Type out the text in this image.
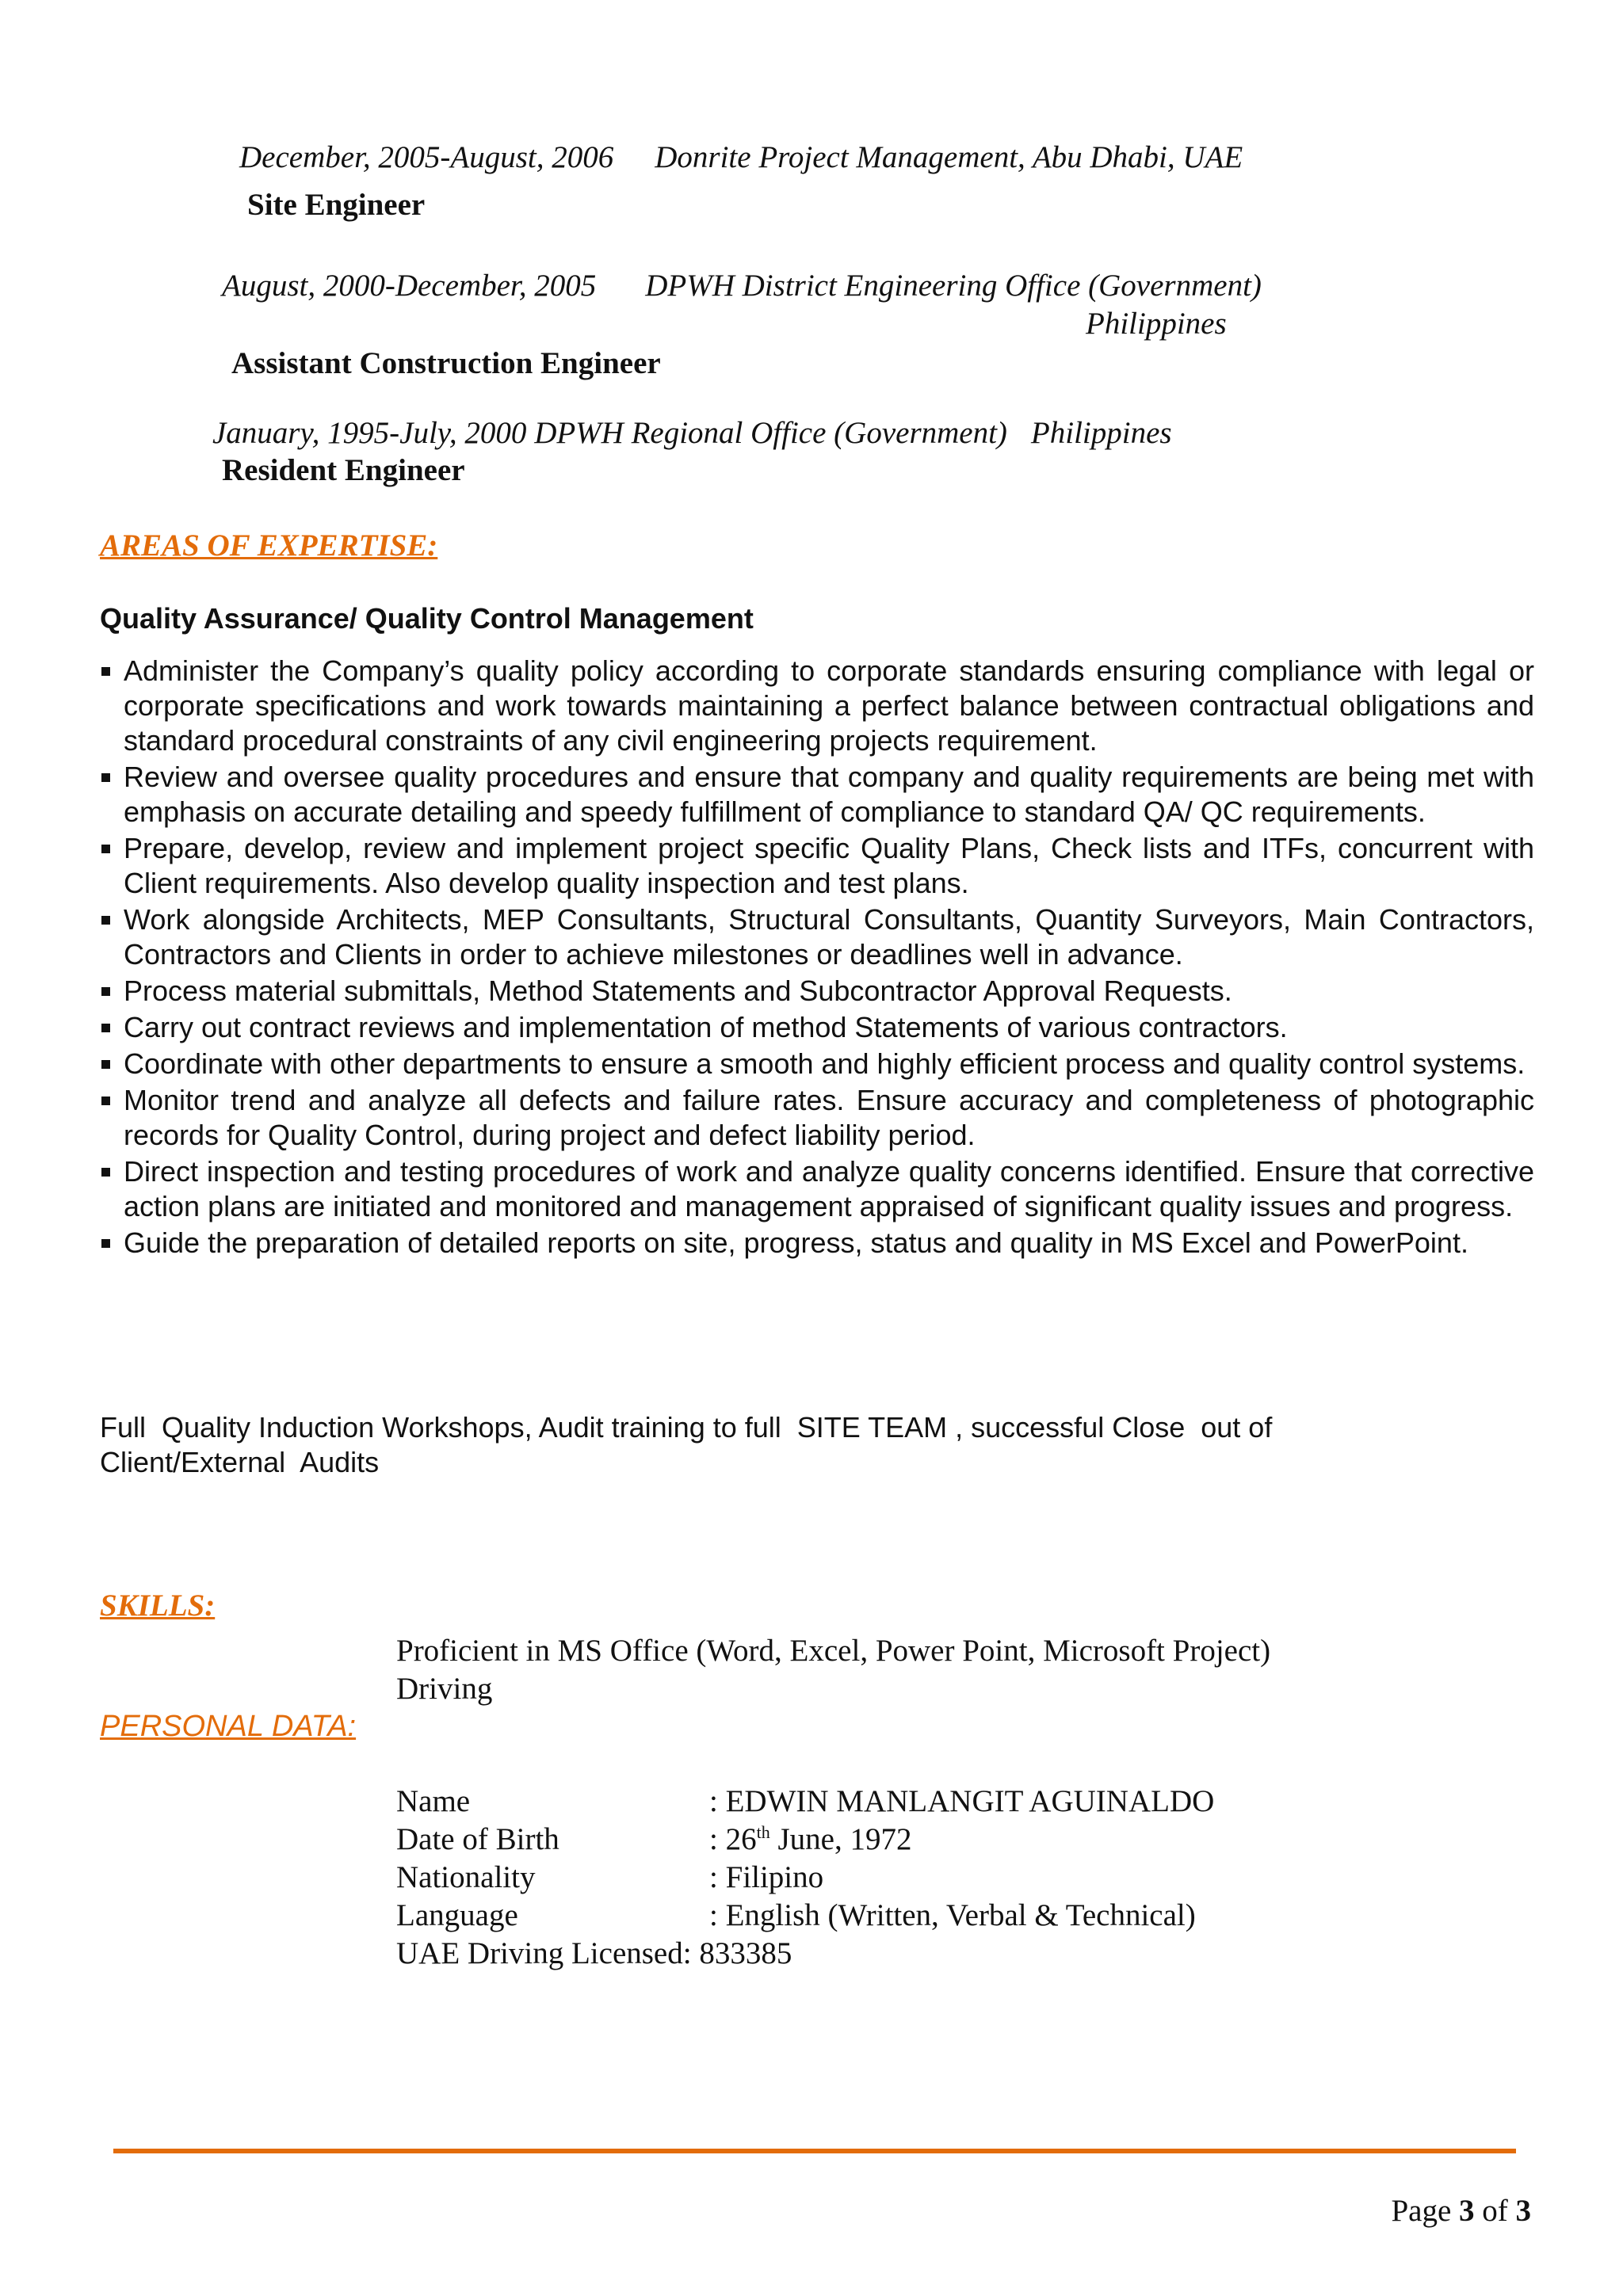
December, 2005-August, 2006 Donrite Project Management, Abu Dhabi, UAE
Site Engineer
August, 2000-December, 2005 DPWH District Engineering Office (Government)
Philippines
Assistant Construction Engineer
January, 1995-July, 2000 DPWH Regional Office (Government) Philippines
Resident Engineer
AREAS OF EXPERTISE:
Quality Assurance/ Quality Control Management
Administer the Company’s quality policy according to corporate standards ensuring compliance with legal or corporate specifications and work towards maintaining a perfect balance between contractual obligations and standard procedural constraints of any civil engineering projects requirement.
Review and oversee quality procedures and ensure that company and quality requirements are being met with emphasis on accurate detailing and speedy fulfillment of compliance to standard QA/ QC requirements.
Prepare, develop, review and implement project specific Quality Plans, Check lists and ITFs, concurrent with Client requirements. Also develop quality inspection and test plans.
Work alongside Architects, MEP Consultants, Structural Consultants, Quantity Surveyors, Main Contractors, Contractors and Clients in order to achieve milestones or deadlines well in advance.
Process material submittals, Method Statements and Subcontractor Approval Requests.
Carry out contract reviews and implementation of method Statements of various contractors.
Coordinate with other departments to ensure a smooth and highly efficient process and quality control systems.
Monitor trend and analyze all defects and failure rates. Ensure accuracy and completeness of photographic records for Quality Control, during project and defect liability period.
Direct inspection and testing procedures of work and analyze quality concerns identified. Ensure that corrective action plans are initiated and monitored and management appraised of significant quality issues and progress.
Guide the preparation of detailed reports on site, progress, status and quality in MS Excel and PowerPoint.
Full  Quality Induction Workshops, Audit training to full  SITE TEAM , successful Close  out of
Client/External  Audits
SKILLS:
Proficient in MS Office (Word, Excel, Power Point, Microsoft Project)
Driving
PERSONAL DATA:
Name	: EDWIN MANLANGIT AGUINALDO
Date of Birth	: 26th June, 1972
Nationality	: Filipino
Language	: English (Written, Verbal & Technical)
UAE Driving Licensed: 833385	
Page 3 of 3
